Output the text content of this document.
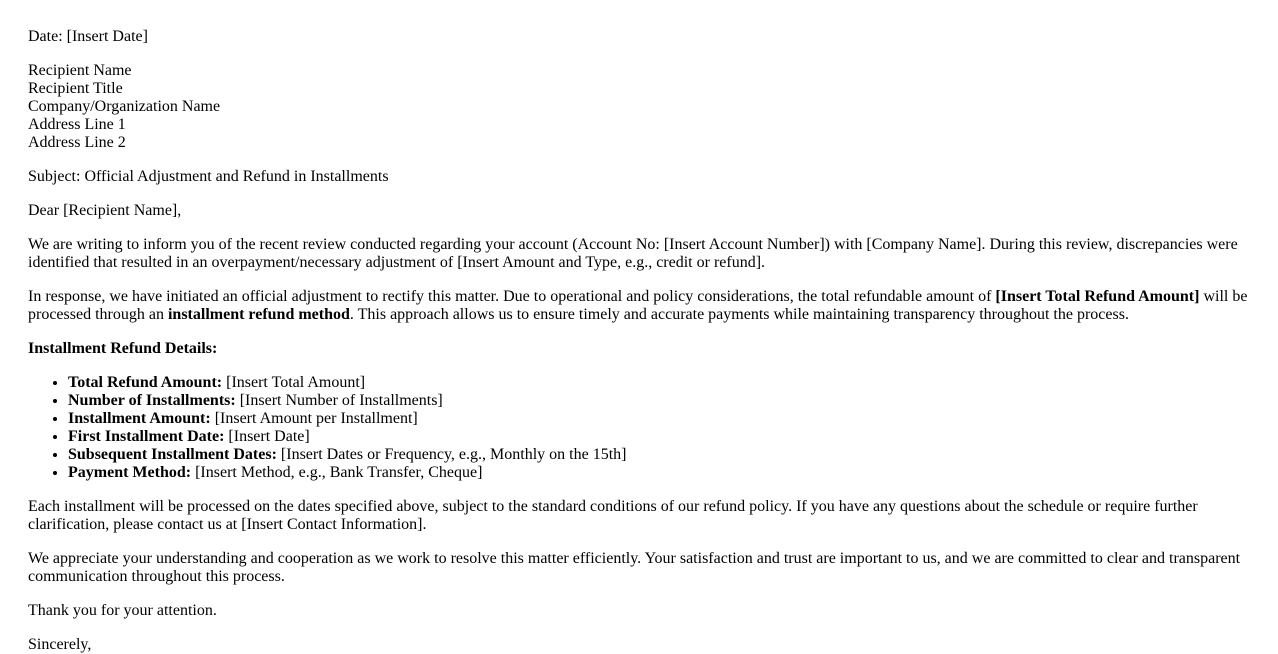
Date: [Insert Date]

Recipient Name
Recipient Title
Company/Organization Name
Address Line 1
Address Line 2

Subject: Official Adjustment and Refund in Installments

Dear [Recipient Name],

We are writing to inform you of the recent review conducted regarding your account (Account No: [Insert Account Number]) with [Company Name]. During this review, discrepancies were identified that resulted in an overpayment/necessary adjustment of [Insert Amount and Type, e.g., credit or refund].

In response, we have initiated an official adjustment to rectify this matter. Due to operational and policy considerations, the total refundable amount of [Insert Total Refund Amount] will be processed through an installment refund method. This approach allows us to ensure timely and accurate payments while maintaining transparency throughout the process.

Installment Refund Details:

• Total Refund Amount: [Insert Total Amount]
• Number of Installments: [Insert Number of Installments]
• Installment Amount: [Insert Amount per Installment]
• First Installment Date: [Insert Date]
• Subsequent Installment Dates: [Insert Dates or Frequency, e.g., Monthly on the 15th]
• Payment Method: [Insert Method, e.g., Bank Transfer, Cheque]

Each installment will be processed on the dates specified above, subject to the standard conditions of our refund policy. If you have any questions about the schedule or require further clarification, please contact us at [Insert Contact Information].

We appreciate your understanding and cooperation as we work to resolve this matter efficiently. Your satisfaction and trust are important to us, and we are committed to clear and transparent communication throughout this process.

Thank you for your attention.

Sincerely,
